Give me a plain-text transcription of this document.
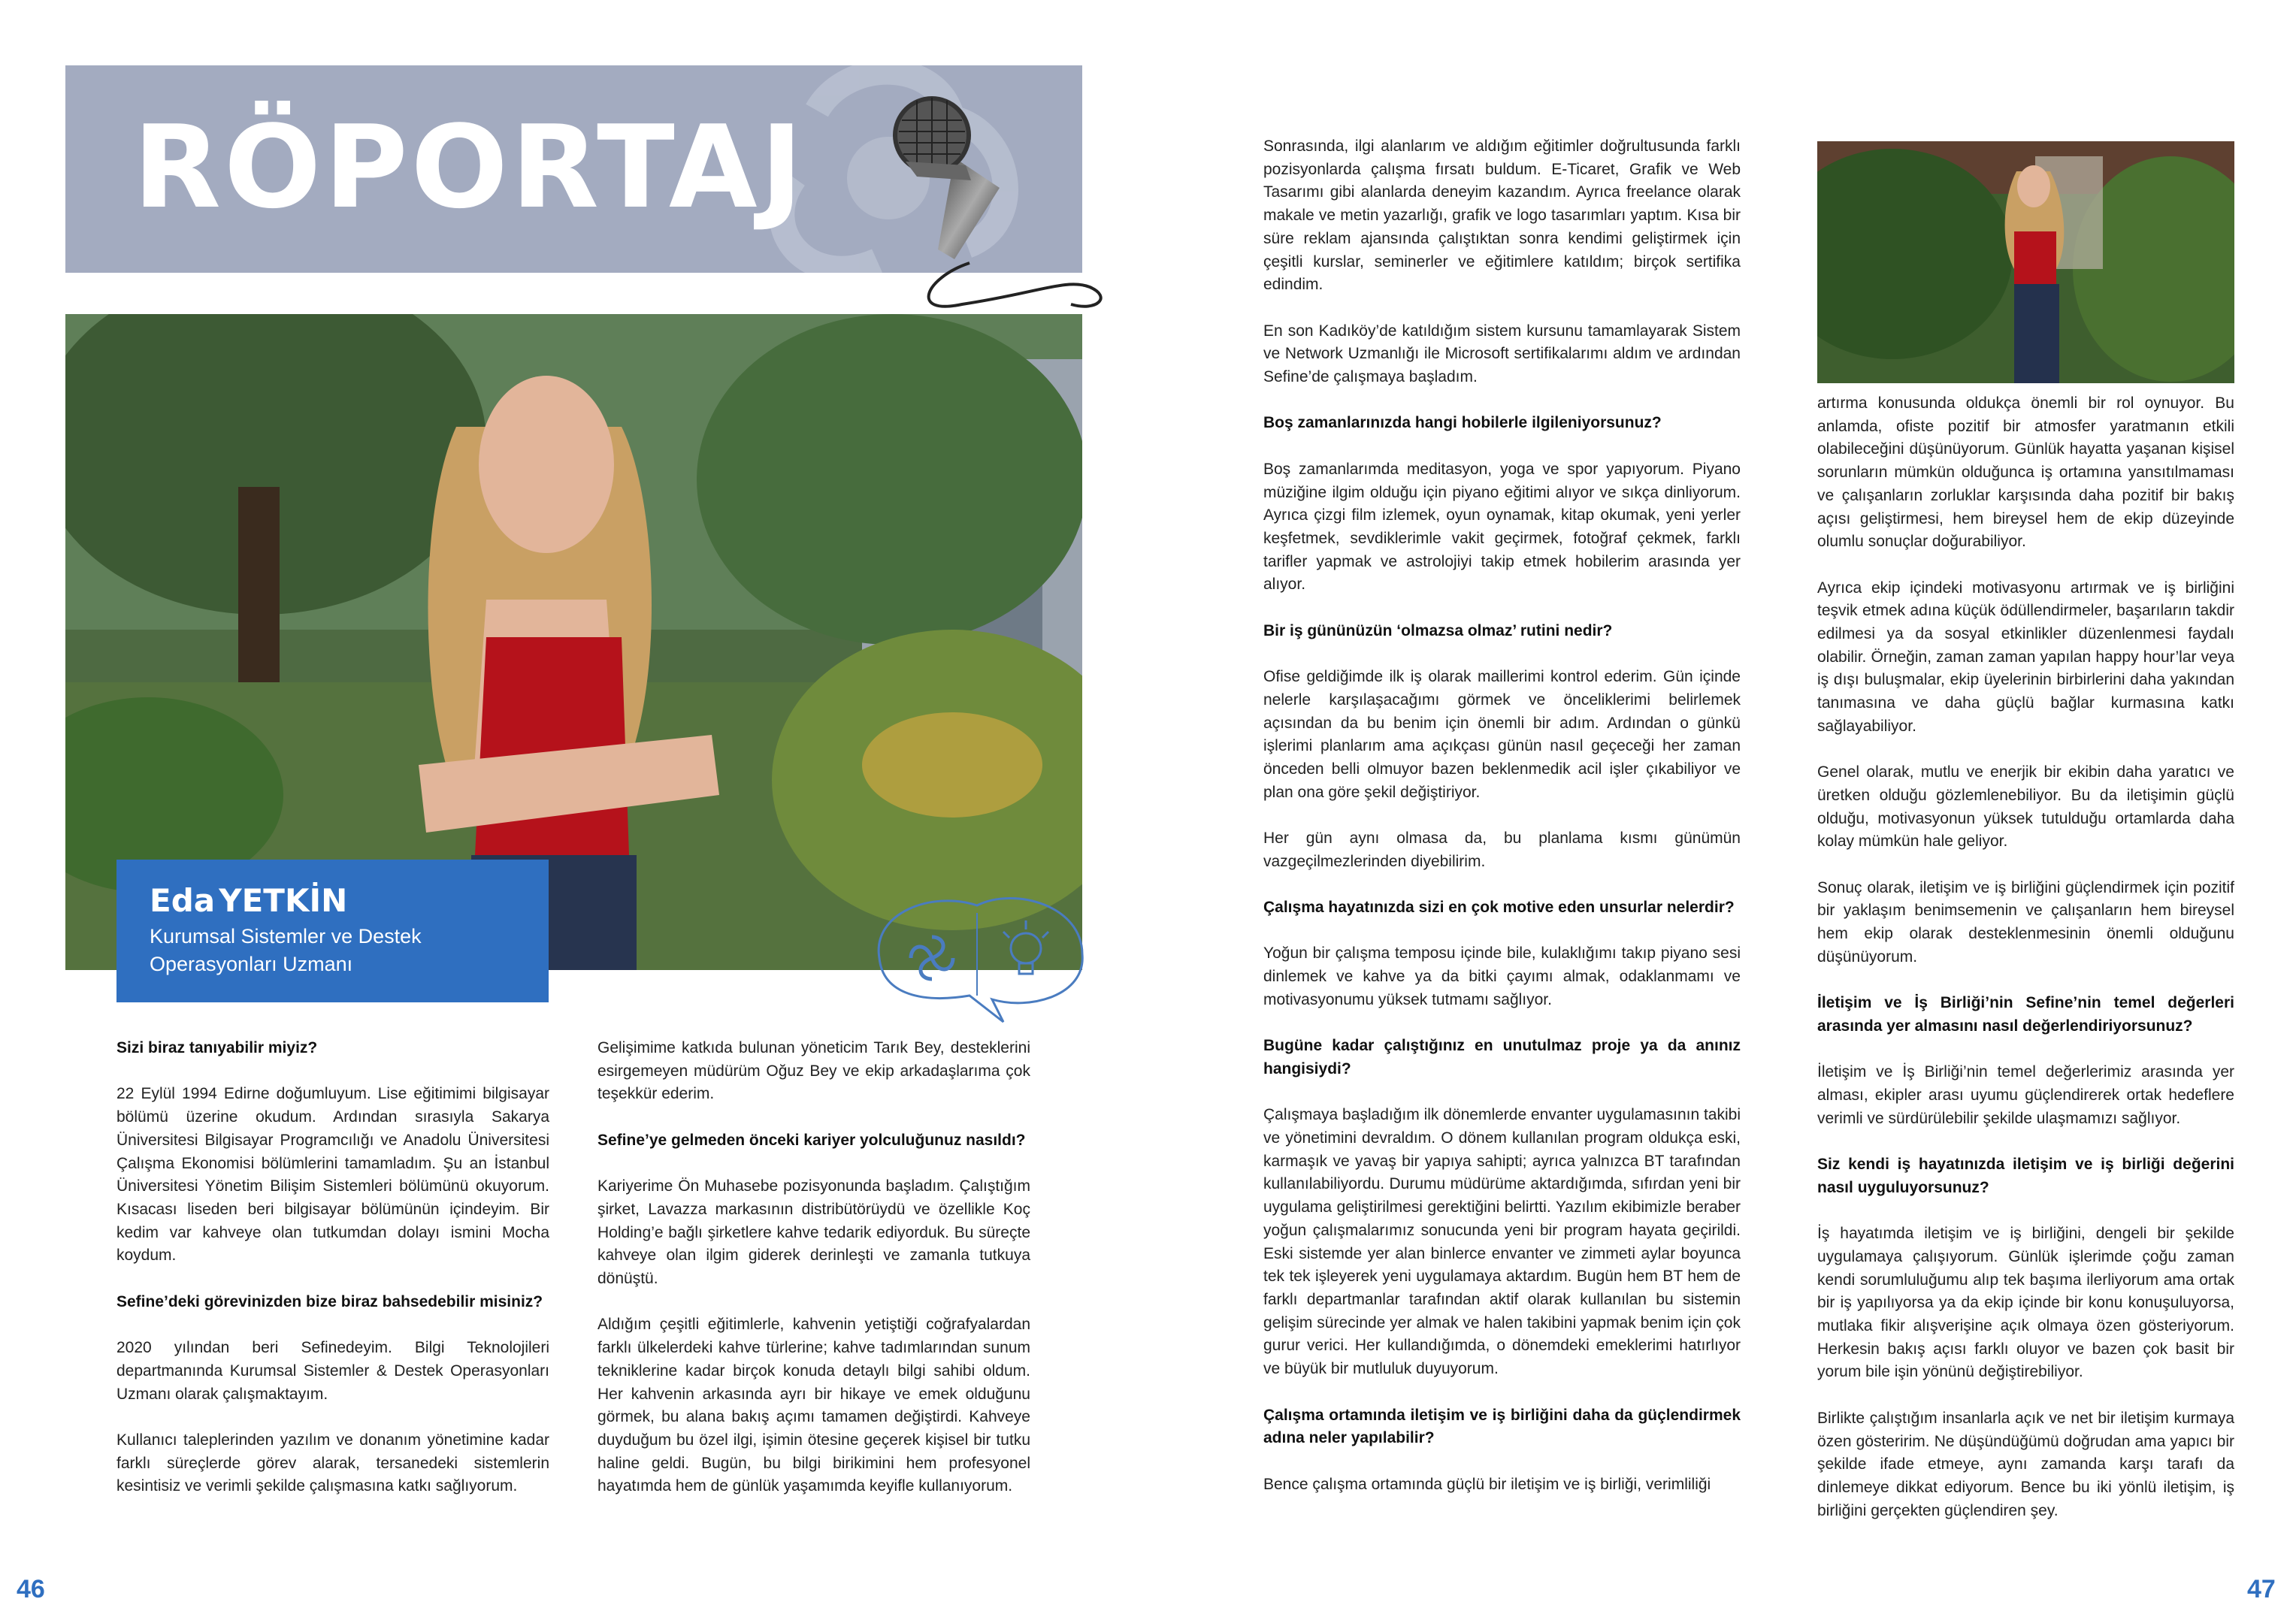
RÖPORTAJ
Eda YETKİN
Kurumsal Sistemler ve Destek Operasyonları Uzmanı

Sizi biraz tanıyabilir miyiz?

22 Eylül 1994 Edirne doğumluyum. Lise eğitimimi bilgisayar bölümü üzerine okudum. Ardından sırasıyla Sakarya Üniversitesi Bilgisayar Programcılığı ve Anadolu Üniversitesi Çalışma Ekonomisi bölümlerini tamamladım. Şu an İstanbul Üniversitesi Yönetim Bilişim Sistemleri bölümünü okuyorum. Kısacası liseden beri bilgisayar bölümünün içindeyim. Bir kedim var kahveye olan tutkumdan dolayı ismini Mocha koydum.

Sefine’deki görevinizden bize biraz bahsedebilir misiniz?

2020 yılından beri Sefinedeyim. Bilgi Teknolojileri departmanında Kurumsal Sistemler & Destek Operasyonları Uzmanı olarak çalışmaktayım.

Kullanıcı taleplerinden yazılım ve donanım yönetimine kadar farklı süreçlerde görev alarak, tersanedeki sistemlerin kesintisiz ve verimli şekilde çalışmasına katkı sağlıyorum.

Gelişimime katkıda bulunan yöneticim Tarık Bey, desteklerini esirgemeyen müdürüm Oğuz Bey ve ekip arkadaşlarıma çok teşekkür ederim.

Sefine’ye gelmeden önceki kariyer yolculuğunuz nasıldı?

Kariyerime Ön Muhasebe pozisyonunda başladım. Çalıştığım şirket, Lavazza markasının distribütörüydü ve özellikle Koç Holding’e bağlı şirketlere kahve tedarik ediyorduk. Bu süreçte kahveye olan ilgim giderek derinleşti ve zamanla tutkuya dönüştü.

Aldığım çeşitli eğitimlerle, kahvenin yetiştiği coğrafyalardan farklı ülkelerdeki kahve türlerine; kahve tadımlarından sunum tekniklerine kadar birçok konuda detaylı bilgi sahibi oldum. Her kahvenin arkasında ayrı bir hikaye ve emek olduğunu görmek, bu alana bakış açımı tamamen değiştirdi. Kahveye duyduğum bu özel ilgi, işimin ötesine geçerek kişisel bir tutku haline geldi. Bugün, bu bilgi birikimini hem profesyonel hayatımda hem de günlük yaşamımda keyifle kullanıyorum.

Sonrasında, ilgi alanlarım ve aldığım eğitimler doğrultusunda farklı pozisyonlarda çalışma fırsatı buldum. E-Ticaret, Grafik ve Web Tasarımı gibi alanlarda deneyim kazandım. Ayrıca freelance olarak makale ve metin yazarlığı, grafik ve logo tasarımları yaptım. Kısa bir süre reklam ajansında çalıştıktan sonra kendimi geliştirmek için çeşitli kurslar, seminerler ve eğitimlere katıldım; birçok sertifika edindim.

En son Kadıköy’de katıldığım sistem kursunu tamamlayarak Sistem ve Network Uzmanlığı ile Microsoft sertifikalarımı aldım ve ardından Sefine’de çalışmaya başladım.

Boş zamanlarınızda hangi hobilerle ilgileniyorsunuz?

Boş zamanlarımda meditasyon, yoga ve spor yapıyorum. Piyano müziğine ilgim olduğu için piyano eğitimi alıyor ve sıkça dinliyorum. Ayrıca çizgi film izlemek, oyun oynamak, kitap okumak, yeni yerler keşfetmek, sevdiklerimle vakit geçirmek, fotoğraf çekmek, farklı tarifler yapmak ve astrolojiyi takip etmek hobilerim arasında yer alıyor.

Bir iş gününüzün ‘olmazsa olmaz’ rutini nedir?

Ofise geldiğimde ilk iş olarak maillerimi kontrol ederim. Gün içinde nelerle karşılaşacağımı görmek ve önceliklerimi belirlemek açısından da bu benim için önemli bir adım. Ardından o günkü işlerimi planlarım ama açıkçası günün nasıl geçeceği her zaman önceden belli olmuyor bazen beklenmedik acil işler çıkabiliyor ve plan ona göre şekil değiştiriyor.

Her gün aynı olmasa da, bu planlama kısmı günümün vazgeçilmezlerinden diyebilirim.

Çalışma hayatınızda sizi en çok motive eden unsurlar nelerdir?

Yoğun bir çalışma temposu içinde bile, kulaklığımı takıp piyano sesi dinlemek ve kahve ya da bitki çayımı almak, odaklanmamı ve motivasyonumu yüksek tutmamı sağlıyor.

Bugüne kadar çalıştığınız en unutulmaz proje ya da anınız hangisiydi?

Çalışmaya başladığım ilk dönemlerde envanter uygulamasının takibi ve yönetimini devraldım. O dönem kullanılan program oldukça eski, karmaşık ve yavaş bir yapıya sahipti; ayrıca yalnızca BT tarafından kullanılabiliyordu. Durumu müdürüme aktardığımda, sıfırdan yeni bir uygulama geliştirilmesi gerektiğini belirtti. Yazılım ekibimizle beraber yoğun çalışmalarımız sonucunda yeni bir program hayata geçirildi. Eski sistemde yer alan binlerce envanter ve zimmeti aylar boyunca tek tek işleyerek yeni uygulamaya aktardım. Bugün hem BT hem de farklı departmanlar tarafından aktif olarak kullanılan bu sistemin gelişim sürecinde yer almak ve halen takibini yapmak benim için çok gurur verici. Her kullandığımda, o dönemdeki emeklerimi hatırlıyor ve büyük bir mutluluk duyuyorum.

Çalışma ortamında iletişim ve iş birliğini daha da güçlendirmek adına neler yapılabilir?

Bence çalışma ortamında güçlü bir iletişim ve iş birliği, verimliliği

artırma konusunda oldukça önemli bir rol oynuyor. Bu anlamda, ofiste pozitif bir atmosfer yaratmanın etkili olabileceğini düşünüyorum. Günlük hayatta yaşanan kişisel sorunların mümkün olduğunca iş ortamına yansıtılmaması ve çalışanların zorluklar karşısında daha pozitif bir bakış açısı geliştirmesi, hem bireysel hem de ekip düzeyinde olumlu sonuçlar doğurabiliyor.

Ayrıca ekip içindeki motivasyonu artırmak ve iş birliğini teşvik etmek adına küçük ödüllendirmeler, başarıların takdir edilmesi ya da sosyal etkinlikler düzenlenmesi faydalı olabilir. Örneğin, zaman zaman yapılan happy hour’lar veya iş dışı buluşmalar, ekip üyelerinin birbirlerini daha yakından tanımasına ve daha güçlü bağlar kurmasına katkı sağlayabiliyor.

Genel olarak, mutlu ve enerjik bir ekibin daha yaratıcı ve üretken olduğu gözlemlenebiliyor. Bu da iletişimin güçlü olduğu, motivasyonun yüksek tutulduğu ortamlarda daha kolay mümkün hale geliyor.

Sonuç olarak, iletişim ve iş birliğini güçlendirmek için pozitif bir yaklaşım benimsemenin ve çalışanların hem bireysel hem ekip olarak desteklenmesinin önemli olduğunu düşünüyorum.

İletişim ve İş Birliği’nin Sefine’nin temel değerleri arasında yer almasını nasıl değerlendiriyorsunuz?

İletişim ve İş Birliği’nin temel değerlerimiz arasında yer alması, ekipler arası uyumu güçlendirerek ortak hedeflere verimli ve sürdürülebilir şekilde ulaşmamızı sağlıyor.

Siz kendi iş hayatınızda iletişim ve iş birliği değerini nasıl uyguluyorsunuz?

İş hayatımda iletişim ve iş birliğini, dengeli bir şekilde uygulamaya çalışıyorum. Günlük işlerimde çoğu zaman kendi sorumluluğumu alıp tek başıma ilerliyorum ama ortak bir iş yapılıyorsa ya da ekip içinde bir konu konuşuluyorsa, mutlaka fikir alışverişine açık olmaya özen gösteriyorum. Herkesin bakış açısı farklı oluyor ve bazen çok basit bir yorum bile işin yönünü değiştirebiliyor.

Birlikte çalıştığım insanlarla açık ve net bir iletişim kurmaya özen gösteririm. Ne düşündüğümü doğrudan ama yapıcı bir şekilde ifade etmeye, aynı zamanda karşı tarafı da dinlemeye dikkat ediyorum. Bence bu iki yönlü iletişim, iş birliğini gerçekten güçlendiren şey.

46	47
